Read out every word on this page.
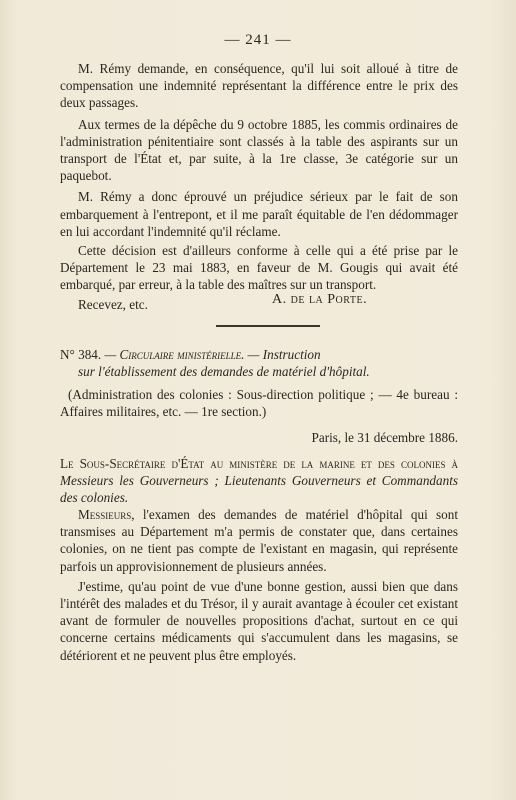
— 241 —

M. Rémy demande, en conséquence, qu'il lui soit alloué à titre de compensation une indemnité représentant la différence entre le prix des deux passages.

Aux termes de la dépêche du 9 octobre 1885, les commis ordinaires de l'administration pénitentiaire sont classés à la table des aspirants sur un transport de l'État et, par suite, à la 1re classe, 3e catégorie sur un paquebot.

M. Rémy a donc éprouvé un préjudice sérieux par le fait de son embarquement à l'entrepont, et il me paraît équitable de l'en dédommager en lui accordant l'indemnité qu'il réclame.

Cette décision est d'ailleurs conforme à celle qui a été prise par le Département le 23 mai 1883, en faveur de M. Gougis qui avait été embarqué, par erreur, à la table des maîtres sur un transport.

Recevez, etc.	A. de la Porte.

N° 384. — Circulaire ministérielle. — Instruction

sur l'établissement des demandes de matériel d'hôpital.

(Administration des colonies : Sous-direction politique ; — 4e bureau : Affaires militaires, etc. — 1re section.)

Paris, le 31 décembre 1886.

Le Sous-Secrétaire d'État au ministère de la marine et des colonies à Messieurs les Gouverneurs ; Lieutenants Gouverneurs et Commandants des colonies.

Messieurs, l'examen des demandes de matériel d'hôpital qui sont transmises au Département m'a permis de constater que, dans certaines colonies, on ne tient pas compte de l'existant en magasin, qui représente parfois un approvisionnement de plusieurs années.

J'estime, qu'au point de vue d'une bonne gestion, aussi bien que dans l'intérêt des malades et du Trésor, il y aurait avantage à écouler cet existant avant de formuler de nouvelles propositions d'achat, surtout en ce qui concerne certains médicaments qui s'accumulent dans les magasins, se détériorent et ne peuvent plus être employés.
